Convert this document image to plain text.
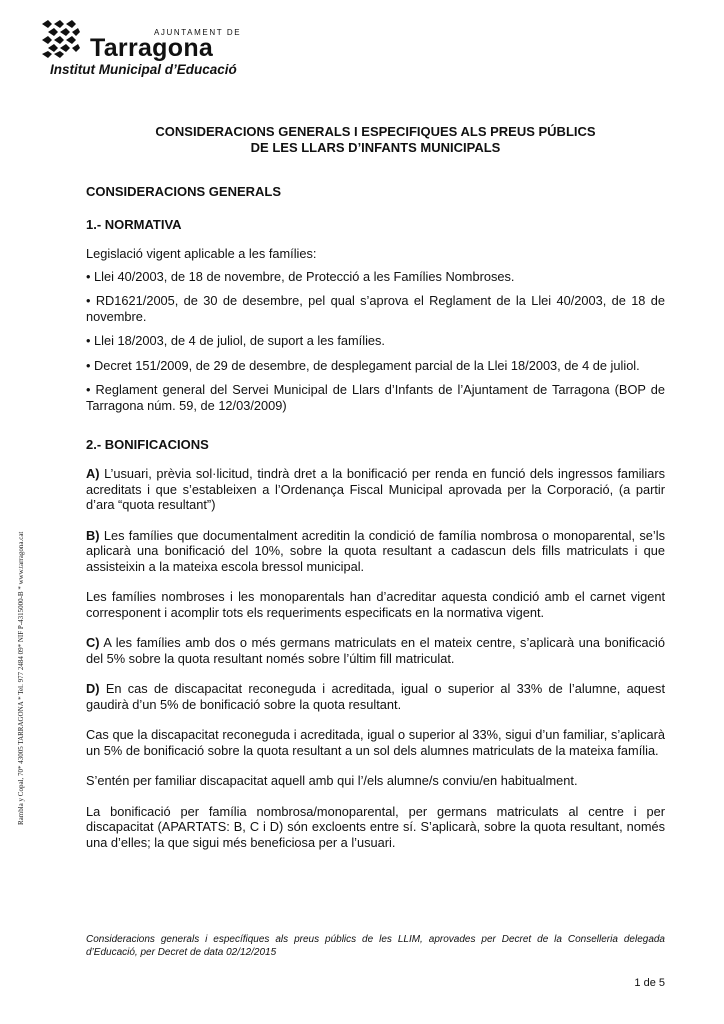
AJUNTAMENT DE
Tarragona
Institut Municipal d’Educació
Rambla y Copal, 70* 43005 TARRAGONA * Tel. 977 2484 09* NIF P-4315000-B * www.tarragona.cat
CONSIDERACIONS GENERALS I ESPECIFIQUES ALS PREUS PÚBLICS
DE LES LLARS D’INFANTS MUNICIPALS
CONSIDERACIONS GENERALS
1.- NORMATIVA

Legislació vigent aplicable a les famílies:

• Llei 40/2003, de 18 de novembre, de Protecció a les Famílies Nombroses.

• RD1621/2005, de 30 de desembre, pel qual s’aprova el Reglament de la Llei 40/2003, de 18 de novembre.

• Llei 18/2003, de 4 de juliol, de suport a les famílies.

• Decret 151/2009, de 29 de desembre, de desplegament parcial de la Llei 18/2003, de 4 de juliol.

• Reglament general del Servei Municipal de Llars d’Infants de l’Ajuntament de Tarragona (BOP de Tarragona núm. 59, de 12/03/2009)

2.- BONIFICACIONS

A) L’usuari, prèvia sol·licitud, tindrà dret a la bonificació per renda en funció dels ingressos familiars acreditats i que s’estableixen a l’Ordenança Fiscal Municipal aprovada per la Corporació, (a partir d’ara “quota resultant”)

B) Les famílies que documentalment acreditin la condició de família nombrosa o monoparental, se’ls aplicarà una bonificació del 10%, sobre la quota resultant a cadascun dels fills matriculats i que assisteixin a la mateixa escola bressol municipal.

Les famílies nombroses i les monoparentals han d’acreditar aquesta condició amb el carnet vigent corresponent i acomplir tots els requeriments especificats en la normativa vigent.

C) A les famílies amb dos o més germans matriculats en el mateix centre, s’aplicarà una bonificació del 5% sobre la quota resultant només sobre l’últim fill matriculat.

D) En cas de discapacitat reconeguda i acreditada, igual o superior al 33% de l’alumne, aquest gaudirà d’un 5% de bonificació sobre la quota resultant.

Cas que la discapacitat reconeguda i acreditada, igual o superior al 33%, sigui d’un familiar, s’aplicarà un 5% de bonificació sobre la quota resultant a un sol dels alumnes matriculats de la mateixa família.

S’entén per familiar discapacitat aquell amb qui l’/els alumne/s conviu/en habitualment.

La bonificació per família nombrosa/monoparental, per germans matriculats al centre i per discapacitat (APARTATS: B, C i D) són excloents entre sí. S’aplicarà, sobre la quota resultant, només una d’elles; la que sigui més beneficiosa per a l’usuari.

Consideracions generals i específiques als preus públics de les LLIM, aprovades per Decret de la Conselleria delegada d’Educació, per Decret de data 02/12/2015
1 de 5
